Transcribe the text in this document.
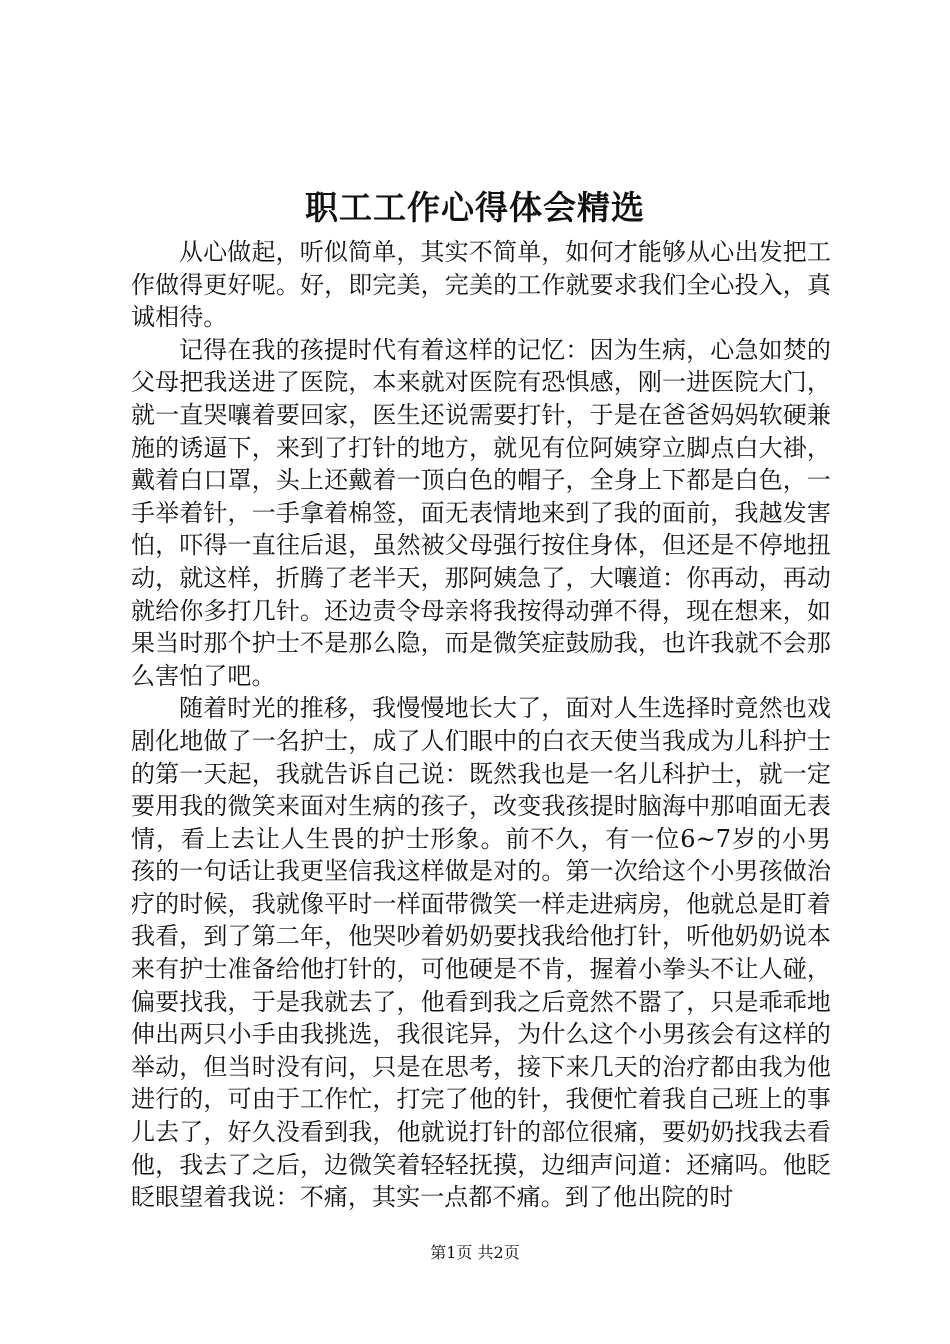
职工工作心得体会精选

从心做起，听似简单，其实不简单，如何才能够从心出发把工作做得更好呢。好，即完美，完美的工作就要求我们全心投入，真诚相待。

记得在我的孩提时代有着这样的记忆：因为生病，心急如焚的父母把我送进了医院，本来就对医院有恐惧感，刚一进医院大门，就一直哭嚷着要回家，医生还说需要打针，于是在爸爸妈妈软硬兼施的诱逼下，来到了打针的地方，就见有位阿姨穿立脚点白大褂，戴着白口罩，头上还戴着一顶白色的帽子，全身上下都是白色，一手举着针，一手拿着棉签，面无表情地来到了我的面前，我越发害怕，吓得一直往后退，虽然被父母强行按住身体，但还是不停地扭动，就这样，折腾了老半天，那阿姨急了，大嚷道：你再动，再动就给你多打几针。还边责令母亲将我按得动弹不得，现在想来，如果当时那个护士不是那么隐，而是微笑症鼓励我，也许我就不会那么害怕了吧。

随着时光的推移，我慢慢地长大了，面对人生选择时竟然也戏剧化地做了一名护士，成了人们眼中的白衣天使当我成为儿科护士的第一天起，我就告诉自己说：既然我也是一名儿科护士，就一定要用我的微笑来面对生病的孩子，改变我孩提时脑海中那咱面无表情，看上去让人生畏的护士形象。前不久，有一位6~7岁的小男孩的一句话让我更坚信我这样做是对的。第一次给这个小男孩做治疗的时候，我就像平时一样面带微笑一样走进病房，他就总是盯着我看，到了第二年，他哭吵着奶奶要找我给他打针，听他奶奶说本来有护士准备给他打针的，可他硬是不肯，握着小拳头不让人碰，偏要找我，于是我就去了，他看到我之后竟然不嚣了，只是乖乖地伸出两只小手由我挑选，我很诧异，为什么这个小男孩会有这样的举动，但当时没有问，只是在思考，接下来几天的治疗都由我为他进行的，可由于工作忙，打完了他的针，我便忙着我自己班上的事儿去了，好久没看到我，他就说打针的部位很痛，要奶奶找我去看他，我去了之后，边微笑着轻轻抚摸，边细声问道：还痛吗。他眨眨眼望着我说：不痛，其实一点都不痛。到了他出院的时

第1页 共2页
